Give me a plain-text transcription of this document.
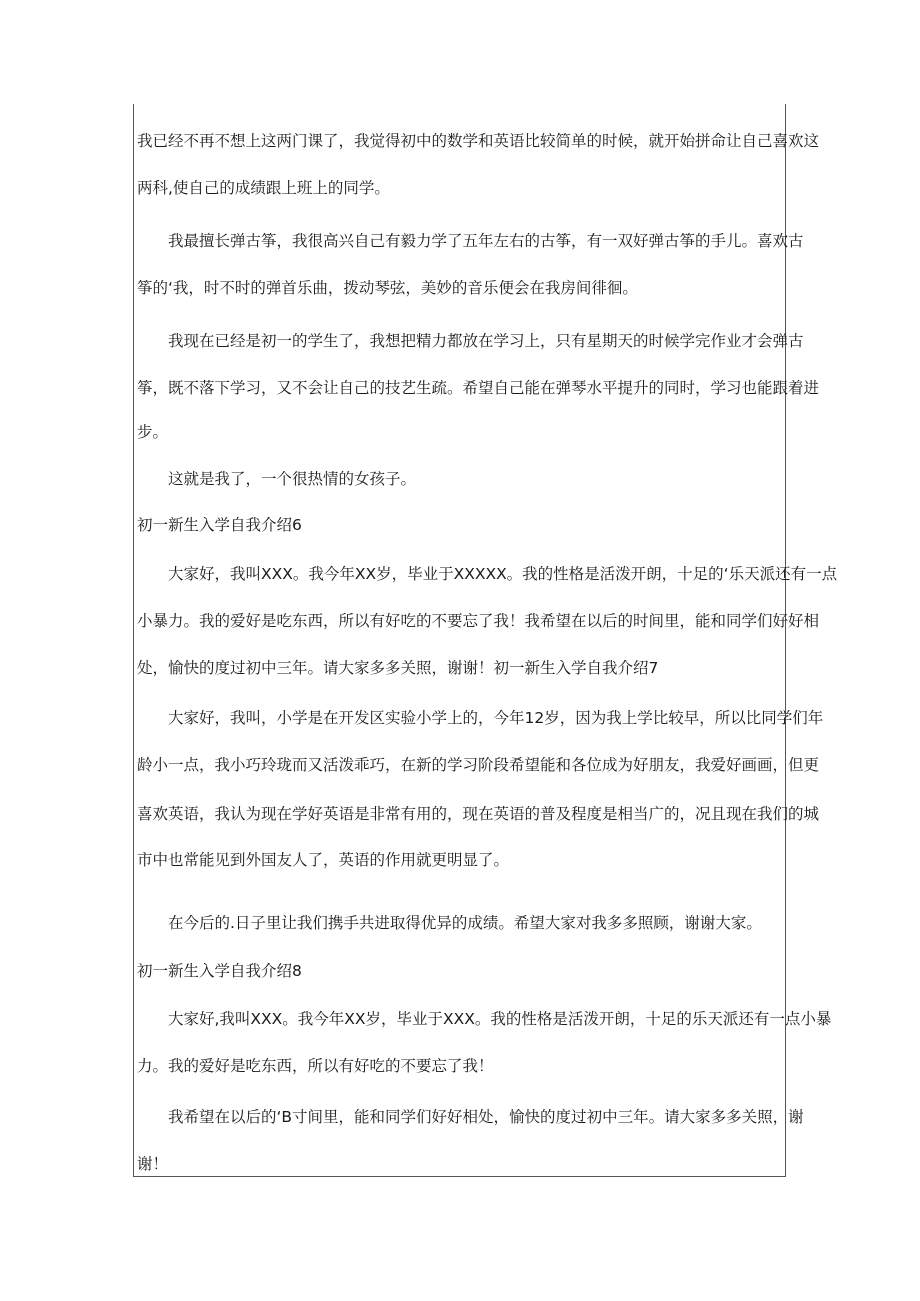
我已经不再不想上这两门课了，我觉得初中的数学和英语比较简单的时候，就开始拼命让自己喜欢这
两科,使自己的成绩跟上班上的同学。
我最擅长弹古筝，我很高兴自己有毅力学了五年左右的古筝，有一双好弹古筝的手儿。喜欢古
筝的‘我，时不时的弹首乐曲，拨动琴弦，美妙的音乐便会在我房间徘徊。
我现在已经是初一的学生了，我想把精力都放在学习上，只有星期天的时候学完作业才会弹古
筝，既不落下学习，又不会让自己的技艺生疏。希望自己能在弹琴水平提升的同时，学习也能跟着进
步。
这就是我了，一个很热情的女孩子。
初一新生入学自我介绍6
大家好，我叫XXX。我今年XX岁，毕业于XXXXX。我的性格是活泼开朗，十足的‘乐天派还有一点
小暴力。我的爱好是吃东西，所以有好吃的不要忘了我！我希望在以后的时间里，能和同学们好好相
处，愉快的度过初中三年。请大家多多关照，谢谢！初一新生入学自我介绍7
大家好，我叫，小学是在开发区实验小学上的，今年12岁，因为我上学比较早，所以比同学们年
龄小一点，我小巧玲珑而又活泼乖巧，在新的学习阶段希望能和各位成为好朋友，我爱好画画，但更
喜欢英语，我认为现在学好英语是非常有用的，现在英语的普及程度是相当广的，况且现在我们的城
市中也常能见到外国友人了，英语的作用就更明显了。
在今后的.日子里让我们携手共进取得优异的成绩。希望大家对我多多照顾，谢谢大家。
初一新生入学自我介绍8
大家好,我叫XXX。我今年XX岁，毕业于XXX。我的性格是活泼开朗，十足的乐天派还有一点小暴
力。我的爱好是吃东西，所以有好吃的不要忘了我！
我希望在以后的‘B寸间里，能和同学们好好相处，愉快的度过初中三年。请大家多多关照，谢
谢！
